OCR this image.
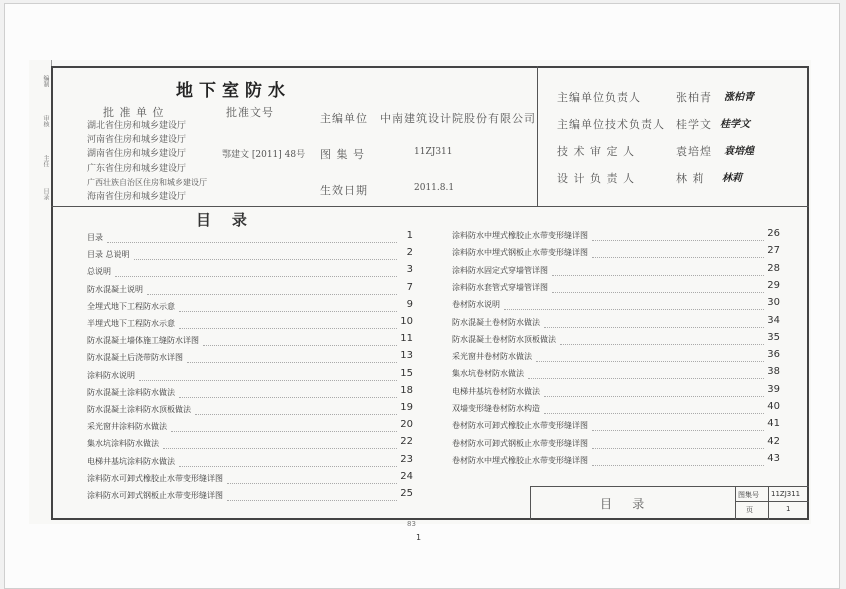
编制
审核
主任
目录
地下室防水
批 准 单 位	批准文号
湖北省住房和城乡建设厅
河南省住房和城乡建设厅
湖南省住房和城乡建设厅
广东省住房和城乡建设厅
广西壮族自治区住房和城乡建设厅
海南省住房和城乡建设厅
鄂建文 [2011] 48号
主编单位 中南建筑设计院股份有限公司
图 集 号	11ZJ311
生效日期	2011.8.1
主编单位负责人	张柏青 涨柏青
主编单位技术负责人 桂学文 桂学文
技 术 审 定 人	袁培煌 袁培煌
设 计 负 责 人	林 莉 林莉
目    录
目录	1
目录 总说明	2
总说明	3
防水混凝土说明	7
全埋式地下工程防水示意	9
半埋式地下工程防水示意	10
防水混凝土墙体施工缝防水详图	11
防水混凝土后浇带防水详图	13
涂料防水说明	15
防水混凝土涂料防水做法	18
防水混凝土涂料防水顶板做法	19
采光窗井涂料防水做法	20
集水坑涂料防水做法	22
电梯井基坑涂料防水做法	23
涂料防水可卸式橡胶止水带变形缝详图	24
涂料防水可卸式钢板止水带变形缝详图	25
涂料防水中埋式橡胶止水带变形缝详图	26
涂料防水中埋式钢板止水带变形缝详图	27
涂料防水固定式穿墙管详图	28
涂料防水套管式穿墙管详图	29
卷材防水说明	30
防水混凝土卷材防水做法	34
防水混凝土卷材防水顶板做法	35
采光窗井卷材防水做法	36
集水坑卷材防水做法	38
电梯井基坑卷材防水做法	39
双墙变形缝卷材防水构造	40
卷材防水可卸式橡胶止水带变形缝详图	41
卷材防水可卸式钢板止水带变形缝详图	42
卷材防水中埋式橡胶止水带变形缝详图	43
目    录
图集号 11ZJ311
页	1
83
1
